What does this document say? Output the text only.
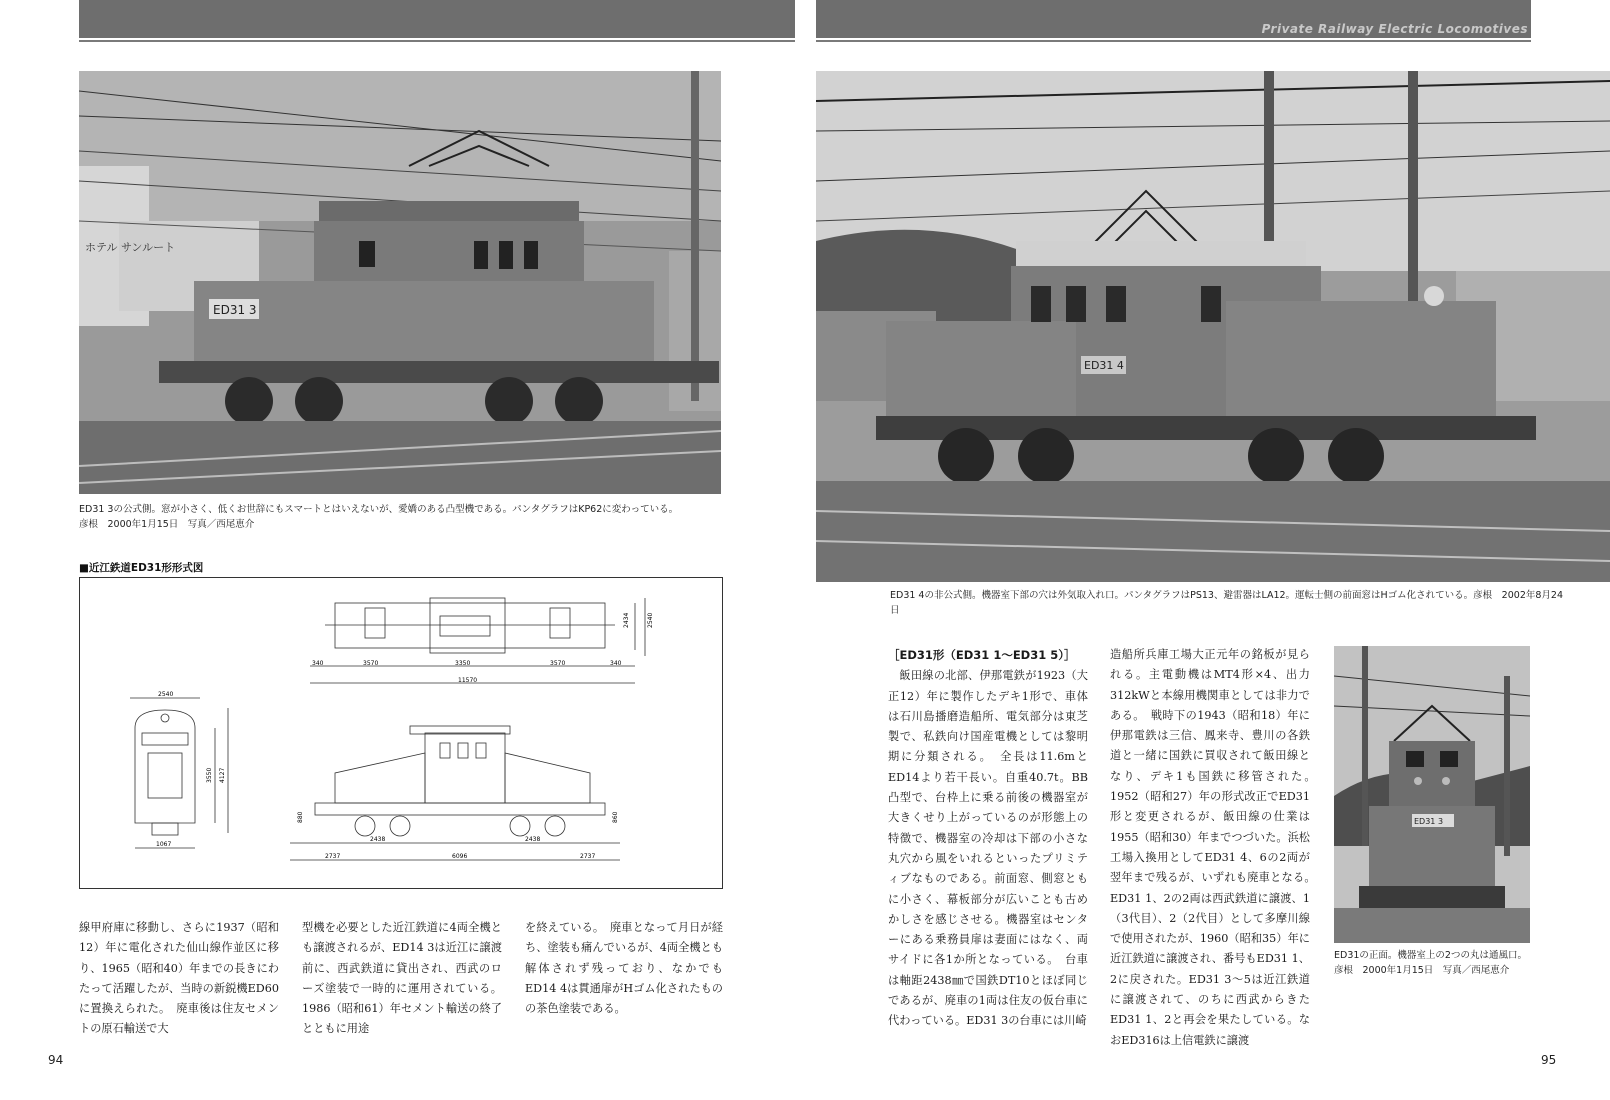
Private Railway Electric Locomotives
ED31 3
ホテル サンルート
ED31 3の公式側。窓が小さく、低くお世辞にもスマートとはいえないが、愛嬌のある凸型機である。パンタグラフはKP62に変わっている。
彦根　2000年1月15日　写真／西尾恵介
■近江鉄道ED31形形式図
340	3570	3350	3570	340
11570
2434	2540
2540
3550 4127
1067
2438	2438
2737	6096	2737
880	860
線甲府庫に移動し、さらに1937（昭和12）年に電化された仙山線作並区に移り、1965（昭和40）年までの長きにわたって活躍したが、当時の新鋭機ED60に置換えられた。　廃車後は住友セメントの原石輸送で大
型機を必要とした近江鉄道に4両全機とも譲渡されるが、ED14 3は近江に譲渡前に、西武鉄道に貸出され、西武のローズ塗装で一時的に運用されている。1986（昭和61）年セメント輸送の終了とともに用途
を終えている。　廃車となって月日が経ち、塗装も痛んでいるが、4両全機とも解体されず残っており、なかでもED14 4は貫通扉がHゴム化されたものの茶色塗装である。
94
ED31 4
ED31 4の非公式側。機器室下部の穴は外気取入れ口。パンタグラフはPS13、避雷器はLA12。運転士側の前面窓はHゴム化されている。彦根　2002年8月24日
［ED31形（ED31 1～ED31 5）］

　飯田線の北部、伊那電鉄が1923（大正12）年に製作したデキ1形で、車体は石川島播磨造船所、電気部分は東芝製で、私鉄向け国産電機としては黎明期に分類される。　全長は11.6mとED14より若干長い。自重40.7t。BB凸型で、台枠上に乗る前後の機器室が大きくせり上がっているのが形態上の特徴で、機器室の冷却は下部の小さな丸穴から風をいれるといったプリミティブなものである。前面窓、側窓ともに小さく、幕板部分が広いことも古めかしさを感じさせる。機器室はセンターにある乗務員扉は妻面にはなく、両サイドに各1か所となっている。　台車は軸距2438㎜で国鉄DT10とほぼ同じであるが、廃車の1両は住友の仮台車に代わっている。ED31 3の台車には川崎

造船所兵庫工場大正元年の銘板が見られる。主電動機はMT4形×4、出力312kWと本線用機関車としては非力である。　戦時下の1943（昭和18）年に伊那電鉄は三信、鳳来寺、豊川の各鉄道と一緒に国鉄に買収されて飯田線となり、デキ1も国鉄に移管された。　1952（昭和27）年の形式改正でED31形と変更されるが、飯田線の仕業は1955（昭和30）年までつづいた。浜松工場入換用としてED31 4、6の2両が翌年まで残るが、いずれも廃車となる。　ED31 1、2の2両は西武鉄道に譲渡、1（3代目）、2（2代目）として多摩川線で使用されたが、1960（昭和35）年に近江鉄道に譲渡され、番号もED31 1、2に戻された。ED31 3～5は近江鉄道に譲渡されて、のちに西武からきたED31 1、2と再会を果たしている。なおED316は上信電鉄に譲渡
ED31 3
ED31の正面。機器室上の2つの丸は通風口。
彦根　2000年1月15日　写真／西尾恵介
95
